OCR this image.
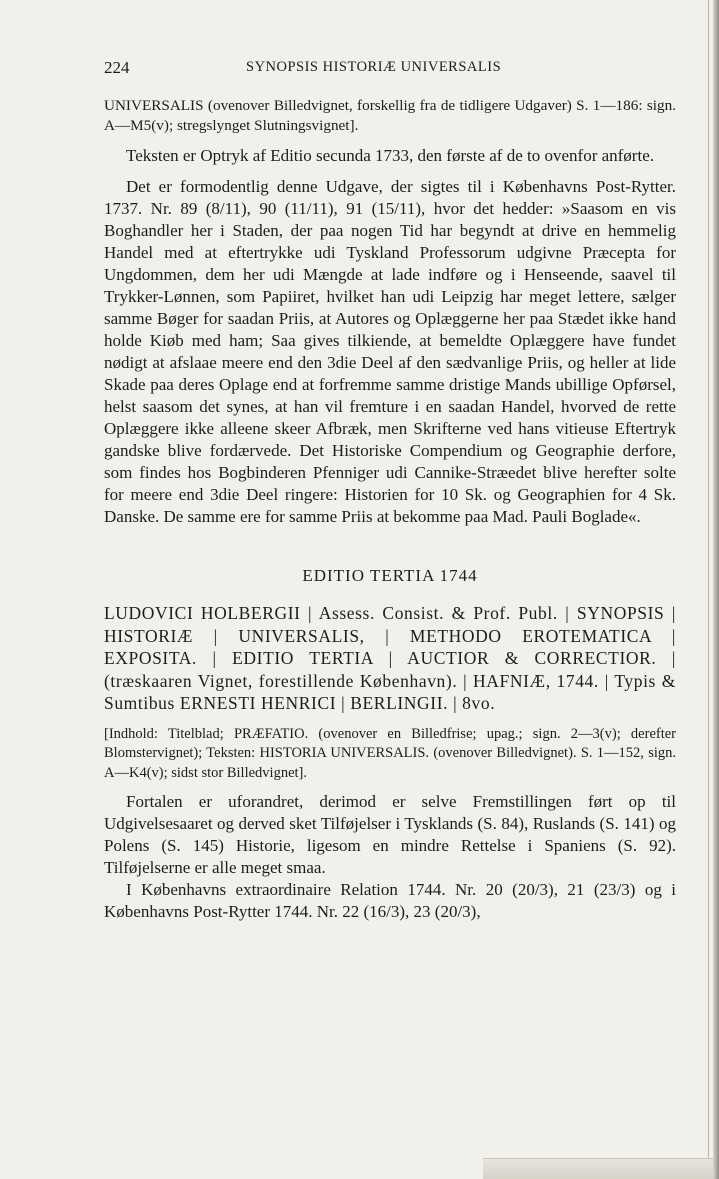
224	SYNOPSIS HISTORIÆ UNIVERSALIS

UNIVERSALIS (ovenover Billedvignet, forskellig fra de tidligere Udgaver) S. 1—186: sign. A—M5(v); stregslynget Slutningsvignet].

Teksten er Optryk af Editio secunda 1733, den første af de to ovenfor anførte.

Det er formodentlig denne Udgave, der sigtes til i Københavns Post-Rytter. 1737. Nr. 89 (8/11), 90 (11/11), 91 (15/11), hvor det hedder: »Saasom en vis Boghandler her i Staden, der paa nogen Tid har begyndt at drive en hemmelig Handel med at eftertrykke udi Tyskland Professorum udgivne Præcepta for Ungdommen, dem her udi Mængde at lade indføre og i Henseende, saavel til Trykker-Lønnen, som Papiiret, hvilket han udi Leipzig har meget lettere, sælger samme Bøger for saadan Priis, at Autores og Oplæggerne her paa Stædet ikke hand holde Kiøb med ham; Saa gives tilkiende, at bemeldte Oplæggere have fundet nødigt at afslaae meere end den 3die Deel af den sædvanlige Priis, og heller at lide Skade paa deres Oplage end at forfremme samme dristige Mands ubillige Opførsel, helst saasom det synes, at han vil fremture i en saadan Handel, hvorved de rette Oplæggere ikke alleene skeer Afbræk, men Skrifterne ved hans vitieuse Eftertryk gandske blive fordærvede. Det Historiske Compendium og Geographie derfore, som findes hos Bogbinderen Pfenniger udi Cannike-Stræedet blive herefter solte for meere end 3die Deel ringere: Historien for 10 Sk. og Geographien for 4 Sk. Danske. De samme ere for samme Priis at bekomme paa Mad. Pauli Boglade«.

EDITIO TERTIA 1744

LUDOVICI HOLBERGII | Assess. Consist. & Prof. Publ. | SYNOPSIS | HISTORIÆ | UNIVERSALIS, | METHODO EROTEMATICA | EXPOSITA. | EDITIO TERTIA | AUCTIOR & CORRECTIOR. | (træskaaren Vignet, forestillende København). | HAFNIÆ, 1744. | Typis & Sumtibus ERNESTI HENRICI | BERLINGII. | 8vo.

[Indhold: Titelblad; PRÆFATIO. (ovenover en Billedfrise; upag.; sign. 2—3(v); derefter Blomstervignet); Teksten: HISTORIA UNIVERSALIS. (ovenover Billedvignet). S. 1—152, sign. A—K4(v); sidst stor Billedvignet].

Fortalen er uforandret, derimod er selve Fremstillingen ført op til Udgivelsesaaret og derved sket Tilføjelser i Tysklands (S. 84), Ruslands (S. 141) og Polens (S. 145) Historie, ligesom en mindre Rettelse i Spaniens (S. 92). Tilføjelserne er alle meget smaa.

I Københavns extraordinaire Relation 1744. Nr. 20 (20/3), 21 (23/3) og i Københavns Post-Rytter 1744. Nr. 22 (16/3), 23 (20/3),
